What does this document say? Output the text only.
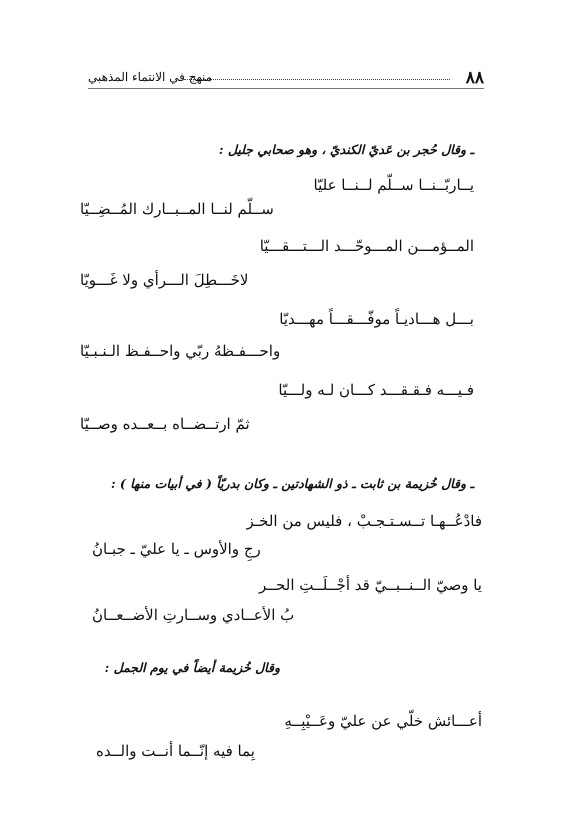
٨٨
منهج في الانتماء المذهبي
ـ وقال حُجر بن عَديّ الكنديّ ، وهو صحابي جليل :
يــاربّــنــا ســلّم لــنــا عليّا
ســلّم لنــا المــبــارك المُــضِــيّا
المــؤمـــن المـــوحّـــد الـــتـــقـــيّا
لاخَـــطِلَ الـــرأي ولا غَـــويّا
بـــل هـــاديـاً موفّـــقـــاً مهـــديّا
واحـــفـظهُ ربّي واحــفـظ الـنـبـيّا
فـيـــه فـقـقـــد كـــان لـه ولـــيّا
ثمّ ارتــضــاه بــعــده وصــيّا
ـ وقال خُزيمة بن ثابت ـ ذو الشهادتين ـ وكان بدريّاً ( في أبيات منها ) :
فادْعُــهـا تــسـتـجـبْ ، فليس من الخـز
رجِ والأوس ـ يا عليّ ـ جبـانُ
يا وصيّ الــنــبــيّ قد أجْــلَــتِ الحــر
بُ الأعــادي وســارتِ الأضــعــانُ
وقال خُزيمة أيضاً في يوم الجمل :
أعـــائش خلّي عن عليّ وعَــيْبِــهِ
بِما فيه إنّــما أنــت والــده
